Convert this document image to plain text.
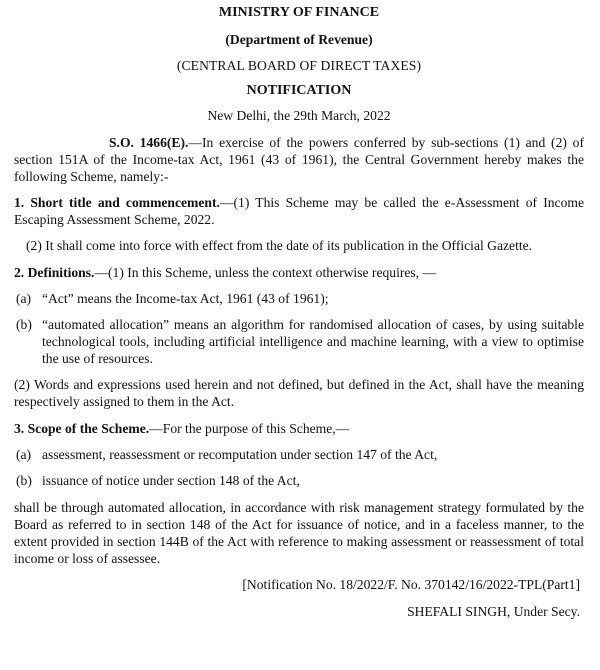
MINISTRY OF FINANCE
(Department of Revenue)
(CENTRAL BOARD OF DIRECT TAXES)
NOTIFICATION
New Delhi, the 29th March, 2022

S.O. 1466(E).—In exercise of the powers conferred by sub-sections (1) and (2) of section 151A of the Income-tax Act, 1961 (43 of 1961), the Central Government hereby makes the following Scheme, namely:-

1. Short title and commencement.—(1) This Scheme may be called the e-Assessment of Income Escaping Assessment Scheme, 2022.

(2) It shall come into force with effect from the date of its publication in the Official Gazette.

2. Definitions.—(1) In this Scheme, unless the context otherwise requires, —

(a) “Act” means the Income-tax Act, 1961 (43 of 1961);
(b) “automated allocation” means an algorithm for randomised allocation of cases, by using suitable technological tools, including artificial intelligence and machine learning, with a view to optimise the use of resources.

(2) Words and expressions used herein and not defined, but defined in the Act, shall have the meaning respectively assigned to them in the Act.

3. Scope of the Scheme.—For the purpose of this Scheme,—

(a) assessment, reassessment or recomputation under section 147 of the Act,
(b) issuance of notice under section 148 of the Act,

shall be through automated allocation, in accordance with risk management strategy formulated by the Board as referred to in section 148 of the Act for issuance of notice, and in a faceless manner, to the extent provided in section 144B of the Act with reference to making assessment or reassessment of total income or loss of assessee.

[Notification No. 18/2022/F. No. 370142/16/2022-TPL(Part1]
SHEFALI SINGH, Under Secy.
